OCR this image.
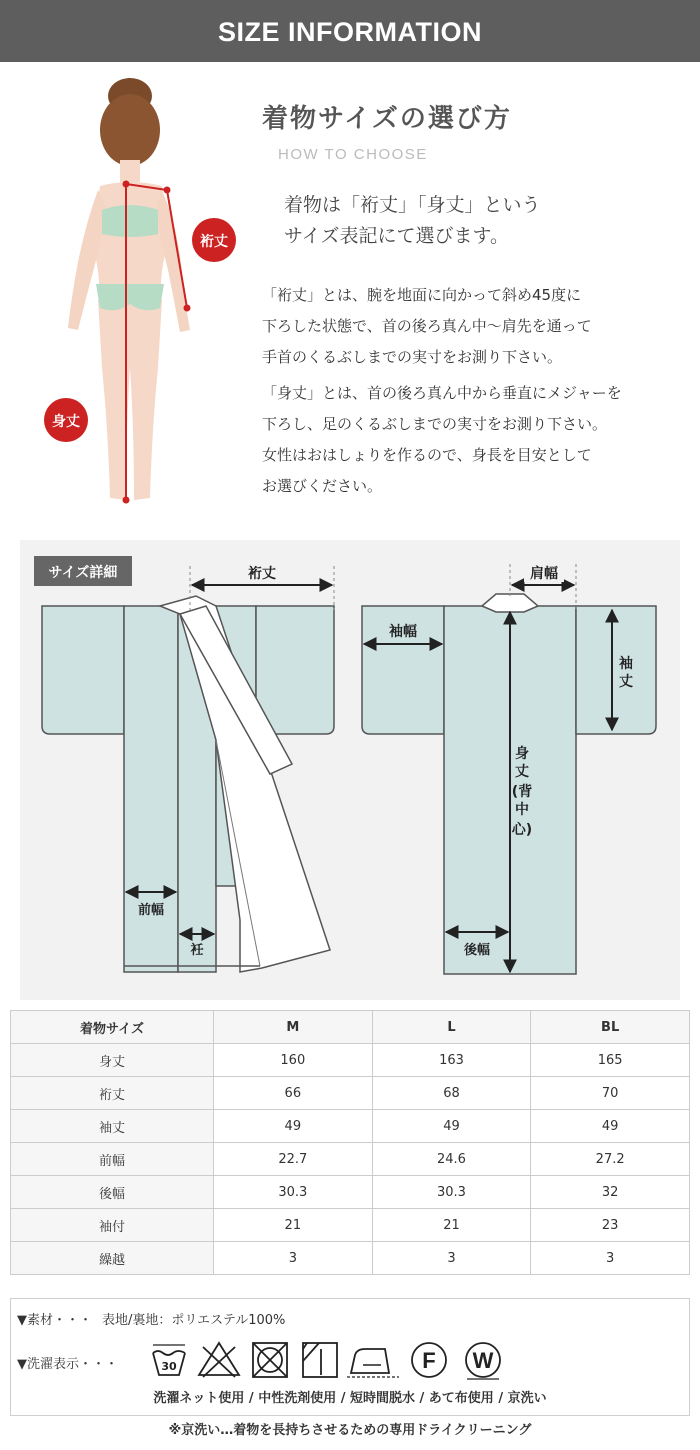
SIZE INFORMATION
裄丈
身丈
着物サイズの選び方
HOW TO CHOOSE
着物は「裄丈」「身丈」という
サイズ表記にて選びます。
「裄丈」とは、腕を地面に向かって斜め45度に
下ろした状態で、首の後ろ真ん中〜肩先を通って
手首のくるぶしまでの実寸をお測り下さい。
「身丈」とは、首の後ろ真ん中から垂直にメジャーを
下ろし、足のくるぶしまでの実寸をお測り下さい。
女性はおはしょりを作るので、身長を目安として
お選びください。
サイズ詳細	裄丈
前幅
衽
肩幅
袖幅
袖
丈
身
丈
(背
中
心)
後幅
着物サイズ	M	L	BL
身丈	160	163	165
裄丈	66	68	70
袖丈	49	49	49
前幅	22.7	24.6	27.2
後幅	30.3	30.3	32
袖付	21	21	23
繰越	3	3	3
▼素材・・・ 表地/裏地：ポリエステル100%
▼洗濯表示・・・	30	F W
洗濯ネット使用 / 中性洗剤使用 / 短時間脱水 / あて布使用 / 京洗い
※京洗い…着物を長持ちさせるための専用ドライクリーニング
